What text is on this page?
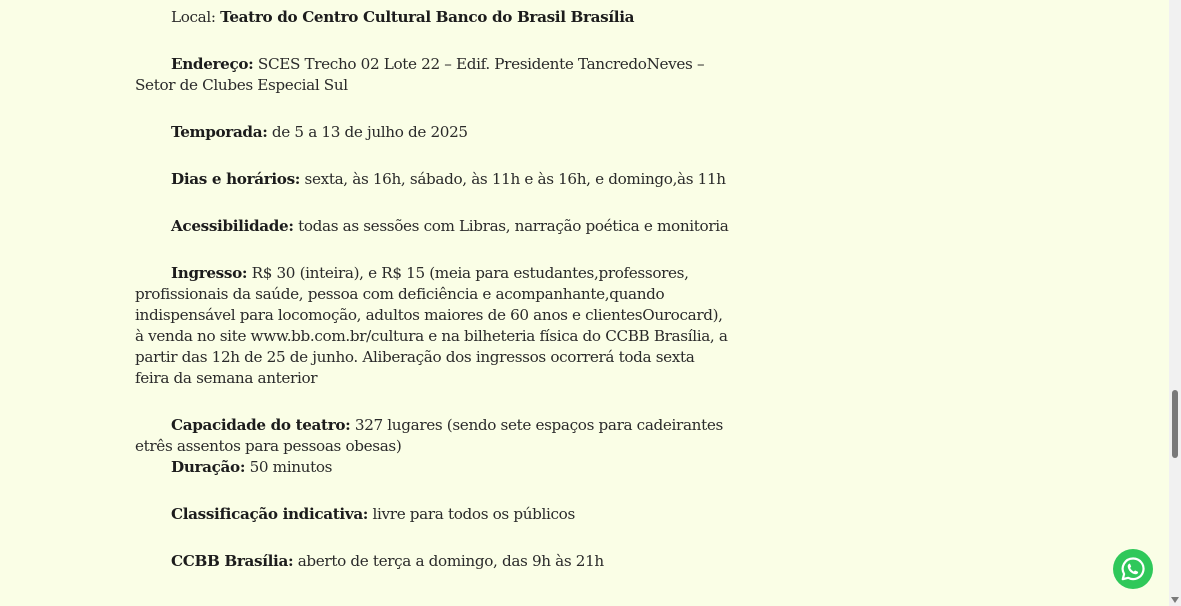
Local: Teatro do Centro Cultural Banco do Brasil Brasília

Endereço: SCES Trecho 02 Lote 22 – Edif. Presidente TancredoNeves – Setor de Clubes Especial Sul

Temporada: de 5 a 13 de julho de 2025

Dias e horários: sexta, às 16h, sábado, às 11h e às 16h, e domingo,às 11h

Acessibilidade: todas as sessões com Libras, narração poética e monitoria

Ingresso: R$ 30 (inteira), e R$ 15 (meia para estudantes,professores, profissionais da saúde, pessoa com deficiência e acompanhante,quando indispensável para locomoção, adultos maiores de 60 anos e clientesOurocard), à venda no site www.bb.com.br/cultura e na bilheteria física do CCBB Brasília, a partir das 12h de 25 de junho. Aliberação dos ingressos ocorrerá toda sexta feira da semana anterior

Capacidade do teatro: 327 lugares (sendo sete espaços para cadeirantes etrês assentos para pessoas obesas)

Duração: 50 minutos

Classificação indicativa: livre para todos os públicos

CCBB Brasília: aberto de terça a domingo, das 9h às 21h
